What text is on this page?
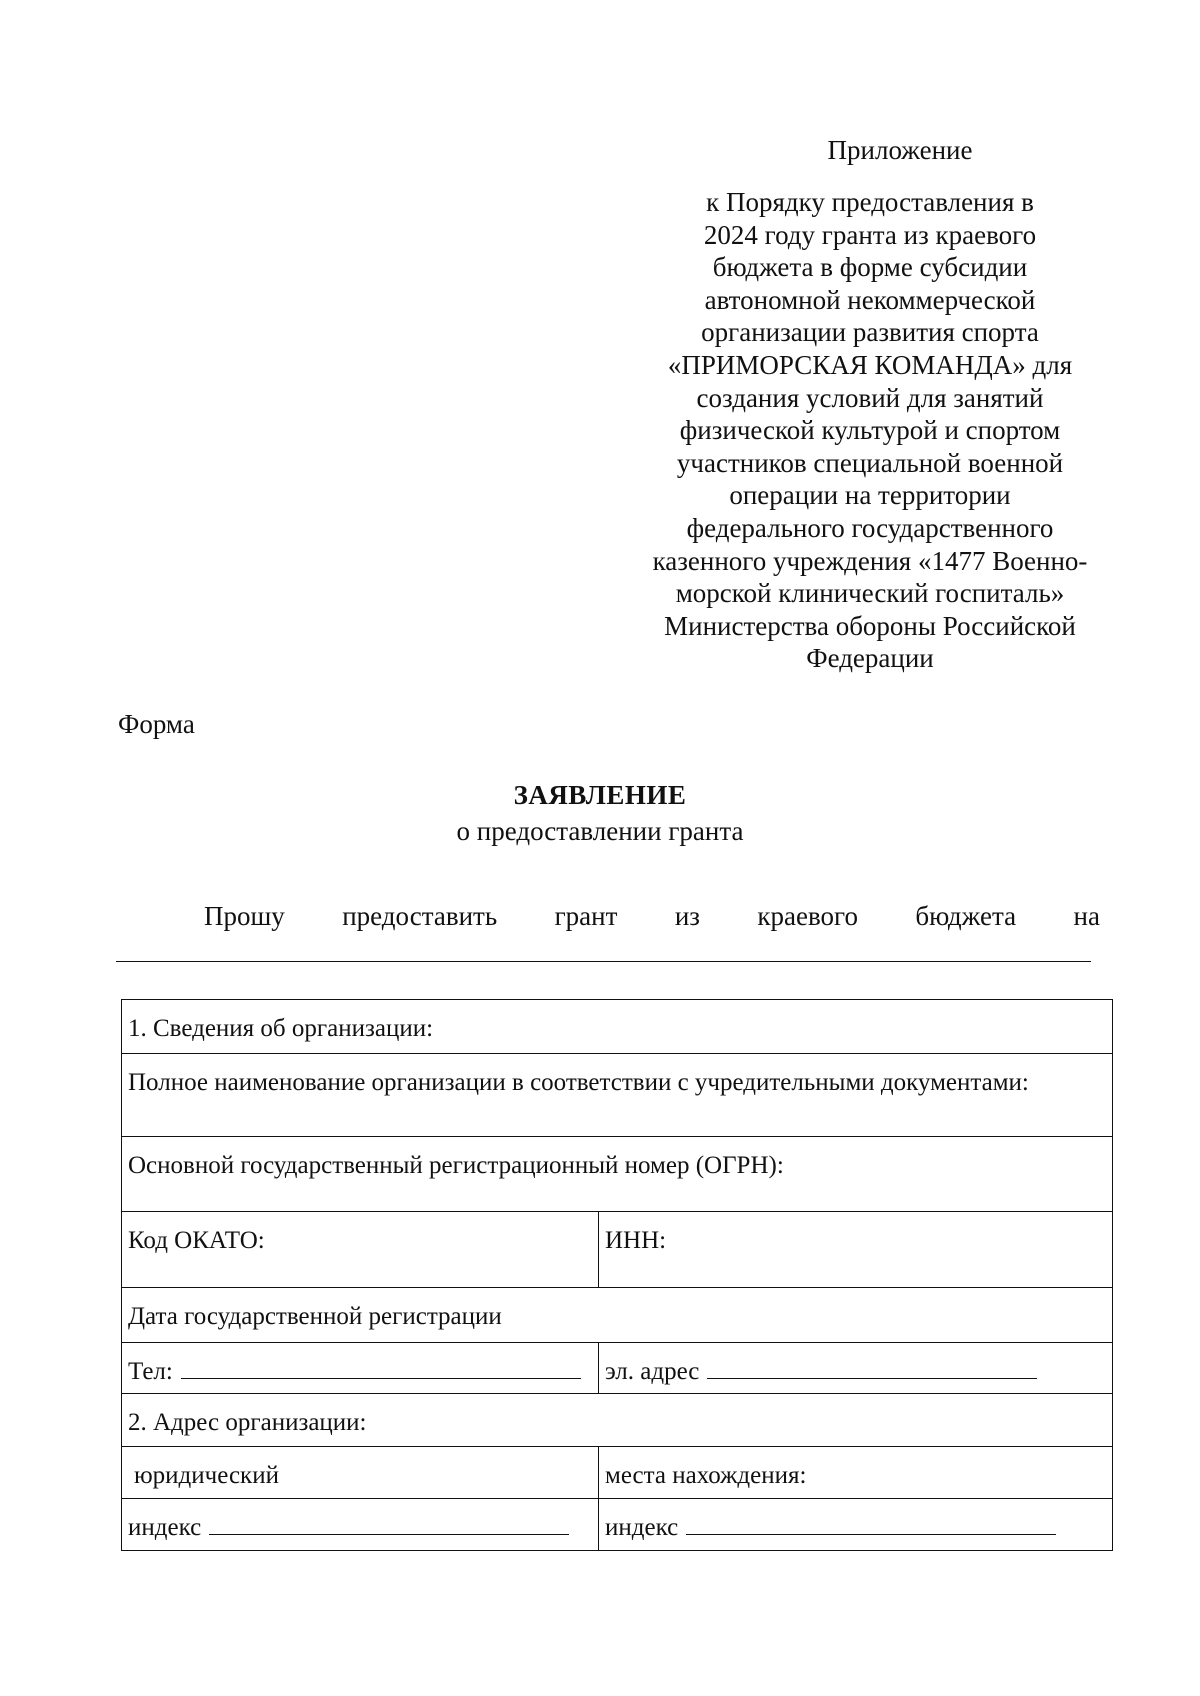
Приложение
к Порядку предоставления в
2024 году гранта из краевого
бюджета в форме субсидии
автономной некоммерческой
организации развития спорта
«ПРИМОРСКАЯ КОМАНДА» для
создания условий для занятий
физической культурой и спортом
участников специальной военной
операции на территории
федерального государственного
казенного учреждения «1477 Военно-
морской клинический госпиталь»
Министерства обороны Российской
Федерации
Форма
ЗАЯВЛЕНИЕ
о предоставлении гранта
Прошу предоставить грант из краевого бюджета на
1. Сведения об организации:	

Полное наименование организации в соответствии с учредительными документами:	

Основной государственный регистрационный номер (ОГРН):	

Код ОКАТО:	ИНН:

Дата государственной регистрации	

Тел:	эл. адрес

2. Адрес организации:	

юридический	места нахождения:

индекс	индекс
